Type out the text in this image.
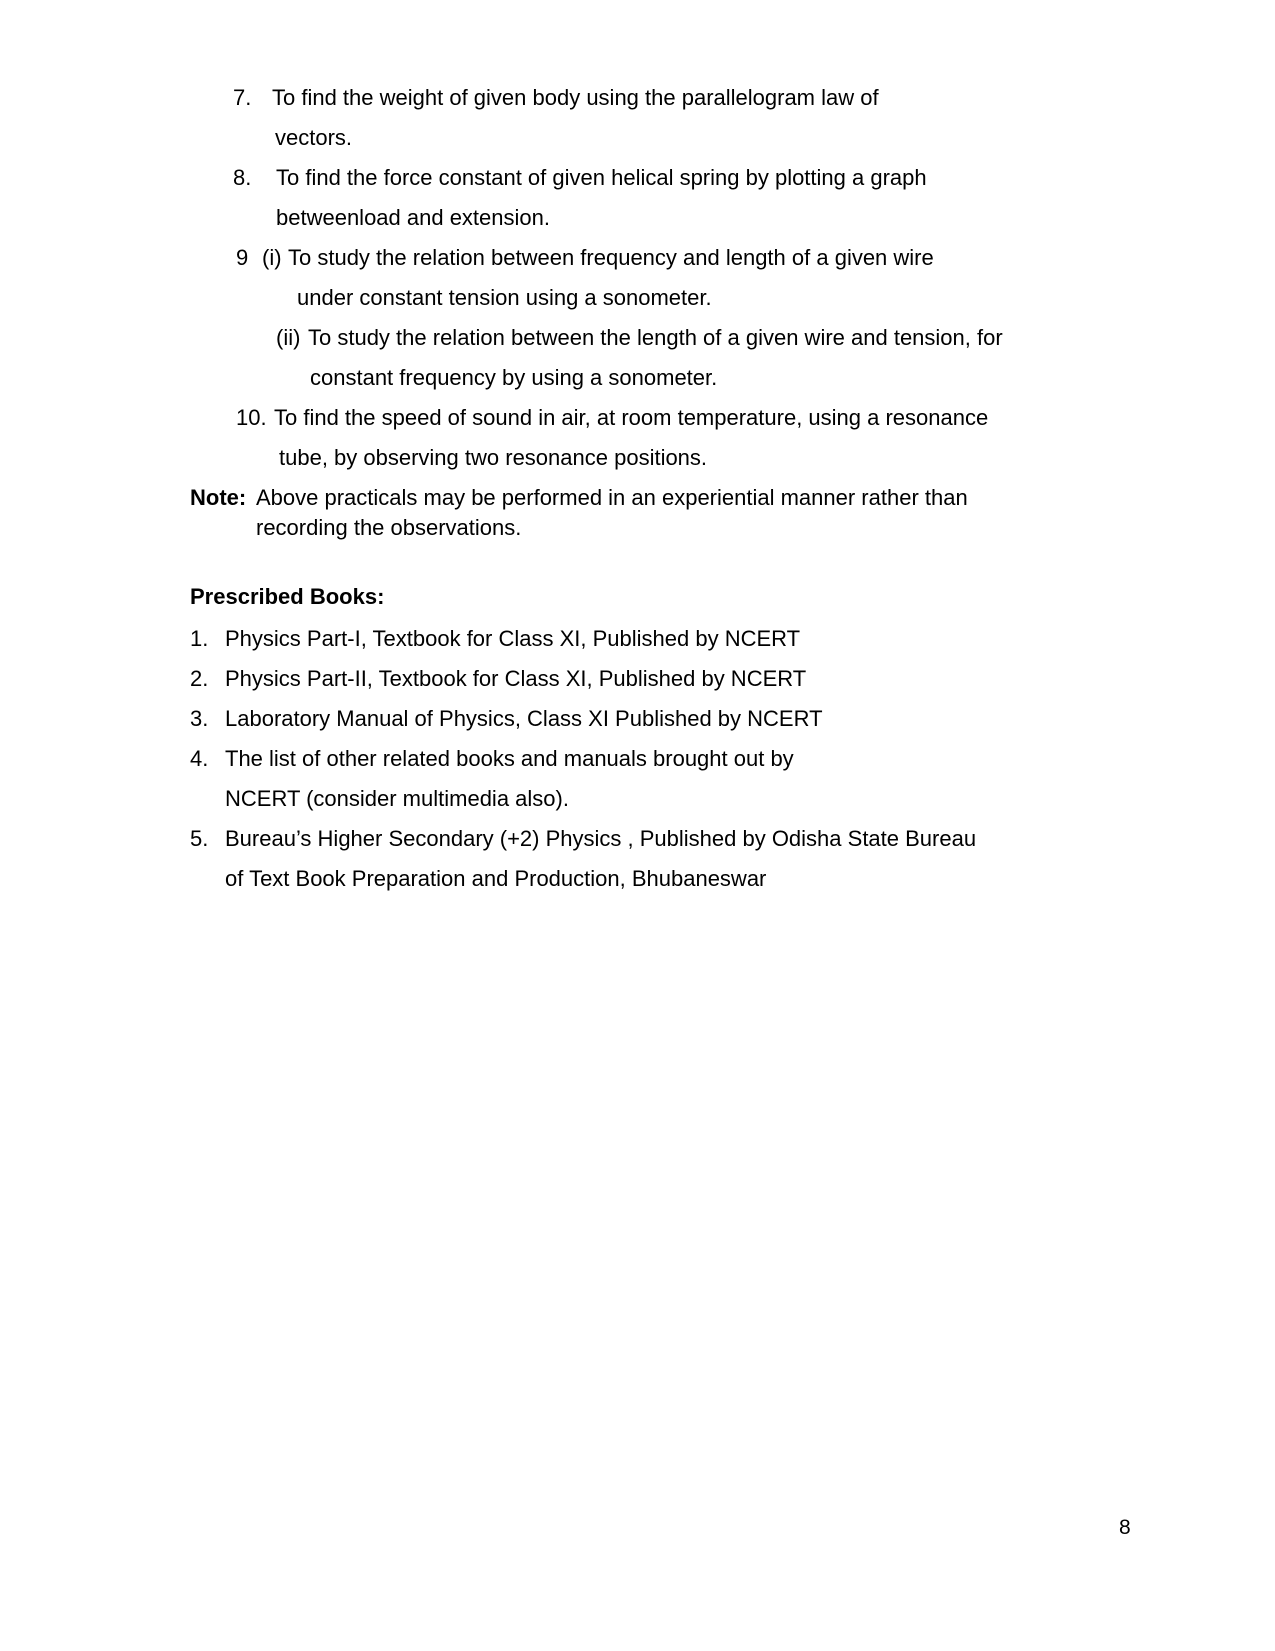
7. To find the weight of given body using the parallelogram law of
vectors.
8. To find the force constant of given helical spring by plotting a graph
betweenload and extension.
9 (i) To study the relation between frequency and length of a given wire
under constant tension using a sonometer.
(ii) To study the relation between the length of a given wire and tension, for
constant frequency by using a sonometer.
10. To find the speed of sound in air, at room temperature, using a resonance
tube, by observing two resonance positions.
Note: Above practicals may be performed in an experiential manner rather than
recording the observations.
Prescribed Books:
1. Physics Part-I, Textbook for Class XI, Published by NCERT
2. Physics Part-II, Textbook for Class XI, Published by NCERT
3. Laboratory Manual of Physics, Class XI Published by NCERT
4. The list of other related books and manuals brought out by
NCERT (consider multimedia also).
5. Bureau’s Higher Secondary (+2) Physics , Published by Odisha State Bureau
of Text Book Preparation and Production, Bhubaneswar
8
